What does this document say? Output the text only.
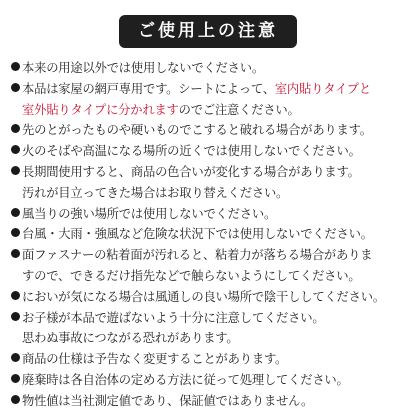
ご使用上の注意
本来の用途以外では使用しないでください。
本品は家屋の網戸専用です。シートによって、室内貼りタイプと
室外貼りタイプに分かれますのでご注意ください。
先のとがったものや硬いものでこすると破れる場合があります。
火のそばや高温になる場所の近くでは使用しないでください。
長期間使用すると、商品の色合いが変化する場合があります。
汚れが目立ってきた場合はお取り替えください。
風当りの強い場所では使用しないでください。
台風・大雨・強風など危険な状況下では使用しないでください。
面ファスナーの粘着面が汚れると、粘着力が落ちる場合がありま
すので、できるだけ指先などで触らないようにしてください。
においが気になる場合は風通しの良い場所で陰干ししてください。
お子様が本品で遊ばないよう十分に注意してください。
思わぬ事故につながる恐れがあります。
商品の仕様は予告なく変更することがあります。
廃棄時は各自治体の定める方法に従って処理してください。
物性値は当社測定値であり、保証値ではありません。
